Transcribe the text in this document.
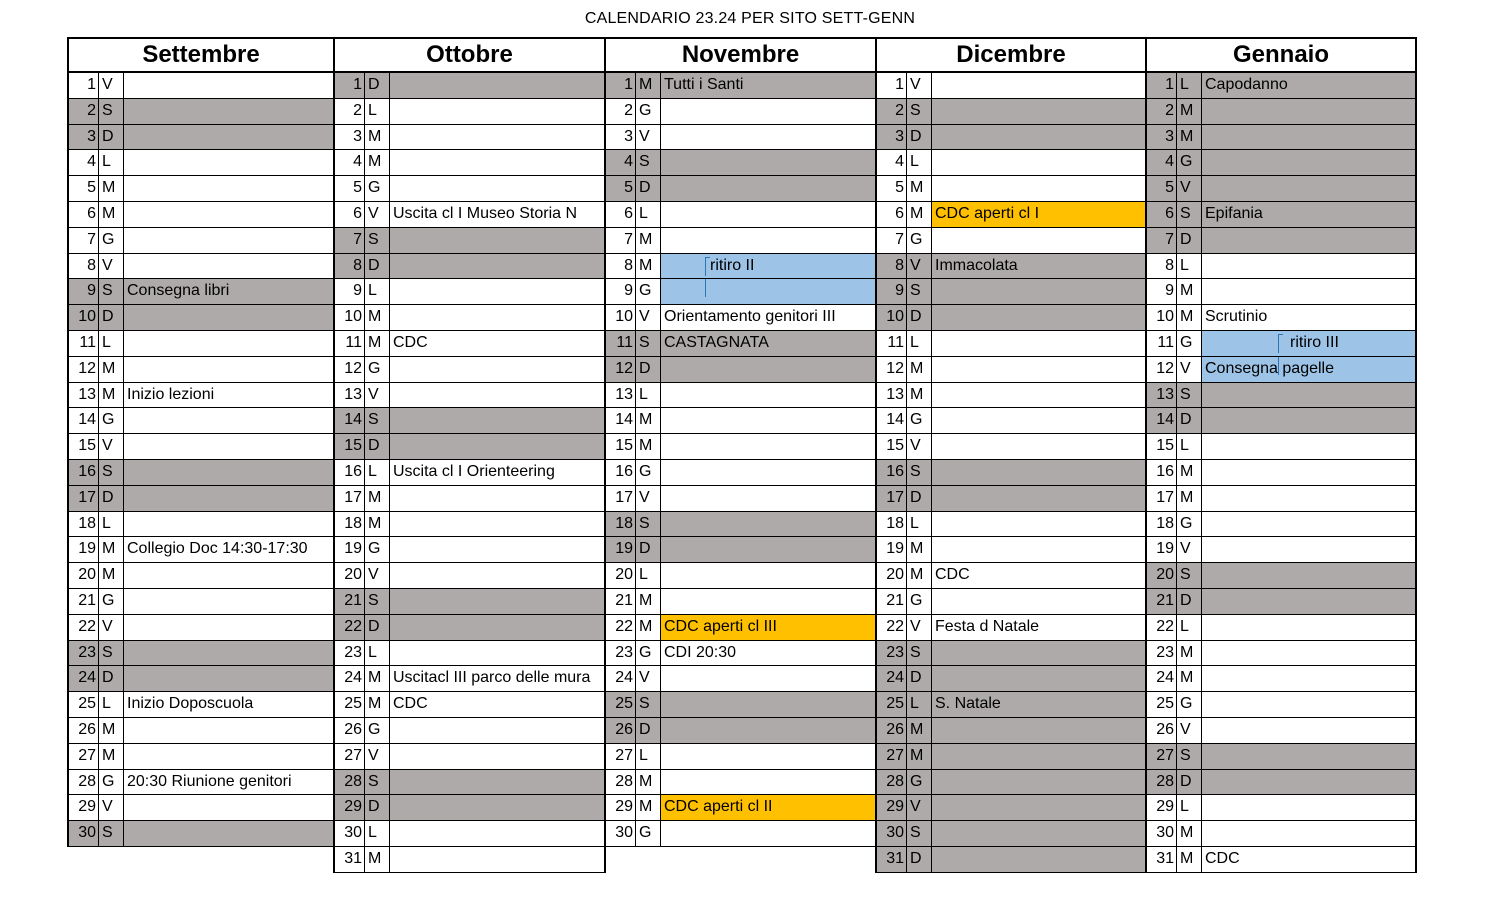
CALENDARIO 23.24 PER SITO SETT-GENN
Settembre
1 V
2 S
3 D
4 L
5 M
6 M
7 G
8 V
9 S Consegna libri
10 D
11 L
12 M
13 M Inizio lezioni
14 G
15 V
16 S
17 D
18 L
19 M Collegio Doc 14:30-17:30
20 M
21 G
22 V
23 S
24 D
25 L	Inizio Doposcuola
26 M
27 M
28 G 20:30 Riunione genitori
29 V
30 S
Ottobre
1 D
2 L
3 M
4 M
5 G
6 V Uscita cl I Museo Storia N
7 S
8 D
9 L
10 M
11 M CDC
12 G
13 V
14 S
15 D
16 L	Uscita cl I Orienteering
17 M
18 M
19 G
20 V
21 S
22 D
23 L
24 M Uscitacl III parco delle mura
25 M CDC
26 G
27 V
28 S
29 D
30 L
31 M
Novembre
1 M Tutti i Santi
2 G
3 V
4 S
5 D
6 L
7 M
8 M	ritiro II
9 G
10 V Orientamento genitori III
11 S CASTAGNATA
12 D
13 L
14 M
15 M
16 G
17 V
18 S
19 D
20 L
21 M
22 M CDC aperti cl III
23 G CDI 20:30
24 V
25 S
26 D
27 L
28 M
29 M CDC aperti cl II
30 G
Dicembre
1 V
2 S
3 D
4 L
5 M
6 M CDC aperti cl I
7 G
8 V Immacolata
9 S
10 D
11 L
12 M
13 M
14 G
15 V
16 S
17 D
18 L
19 M
20 M CDC
21 G
22 V Festa d Natale
23 S
24 D
25 L	S. Natale
26 M
27 M
28 G
29 V
30 S
31 D
Gennaio
1 L	Capodanno
2 M
3 M
4 G
5 V
6 S Epifania
7 D
8 L
9 M
10 M Scrutinio
11 G	ritiro III
12 V Consegna pagelle
13 S
14 D
15 L
16 M
17 M
18 G
19 V
20 S
21 D
22 L
23 M
24 M
25 G
26 V
27 S
28 D
29 L
30 M
31 M CDC
